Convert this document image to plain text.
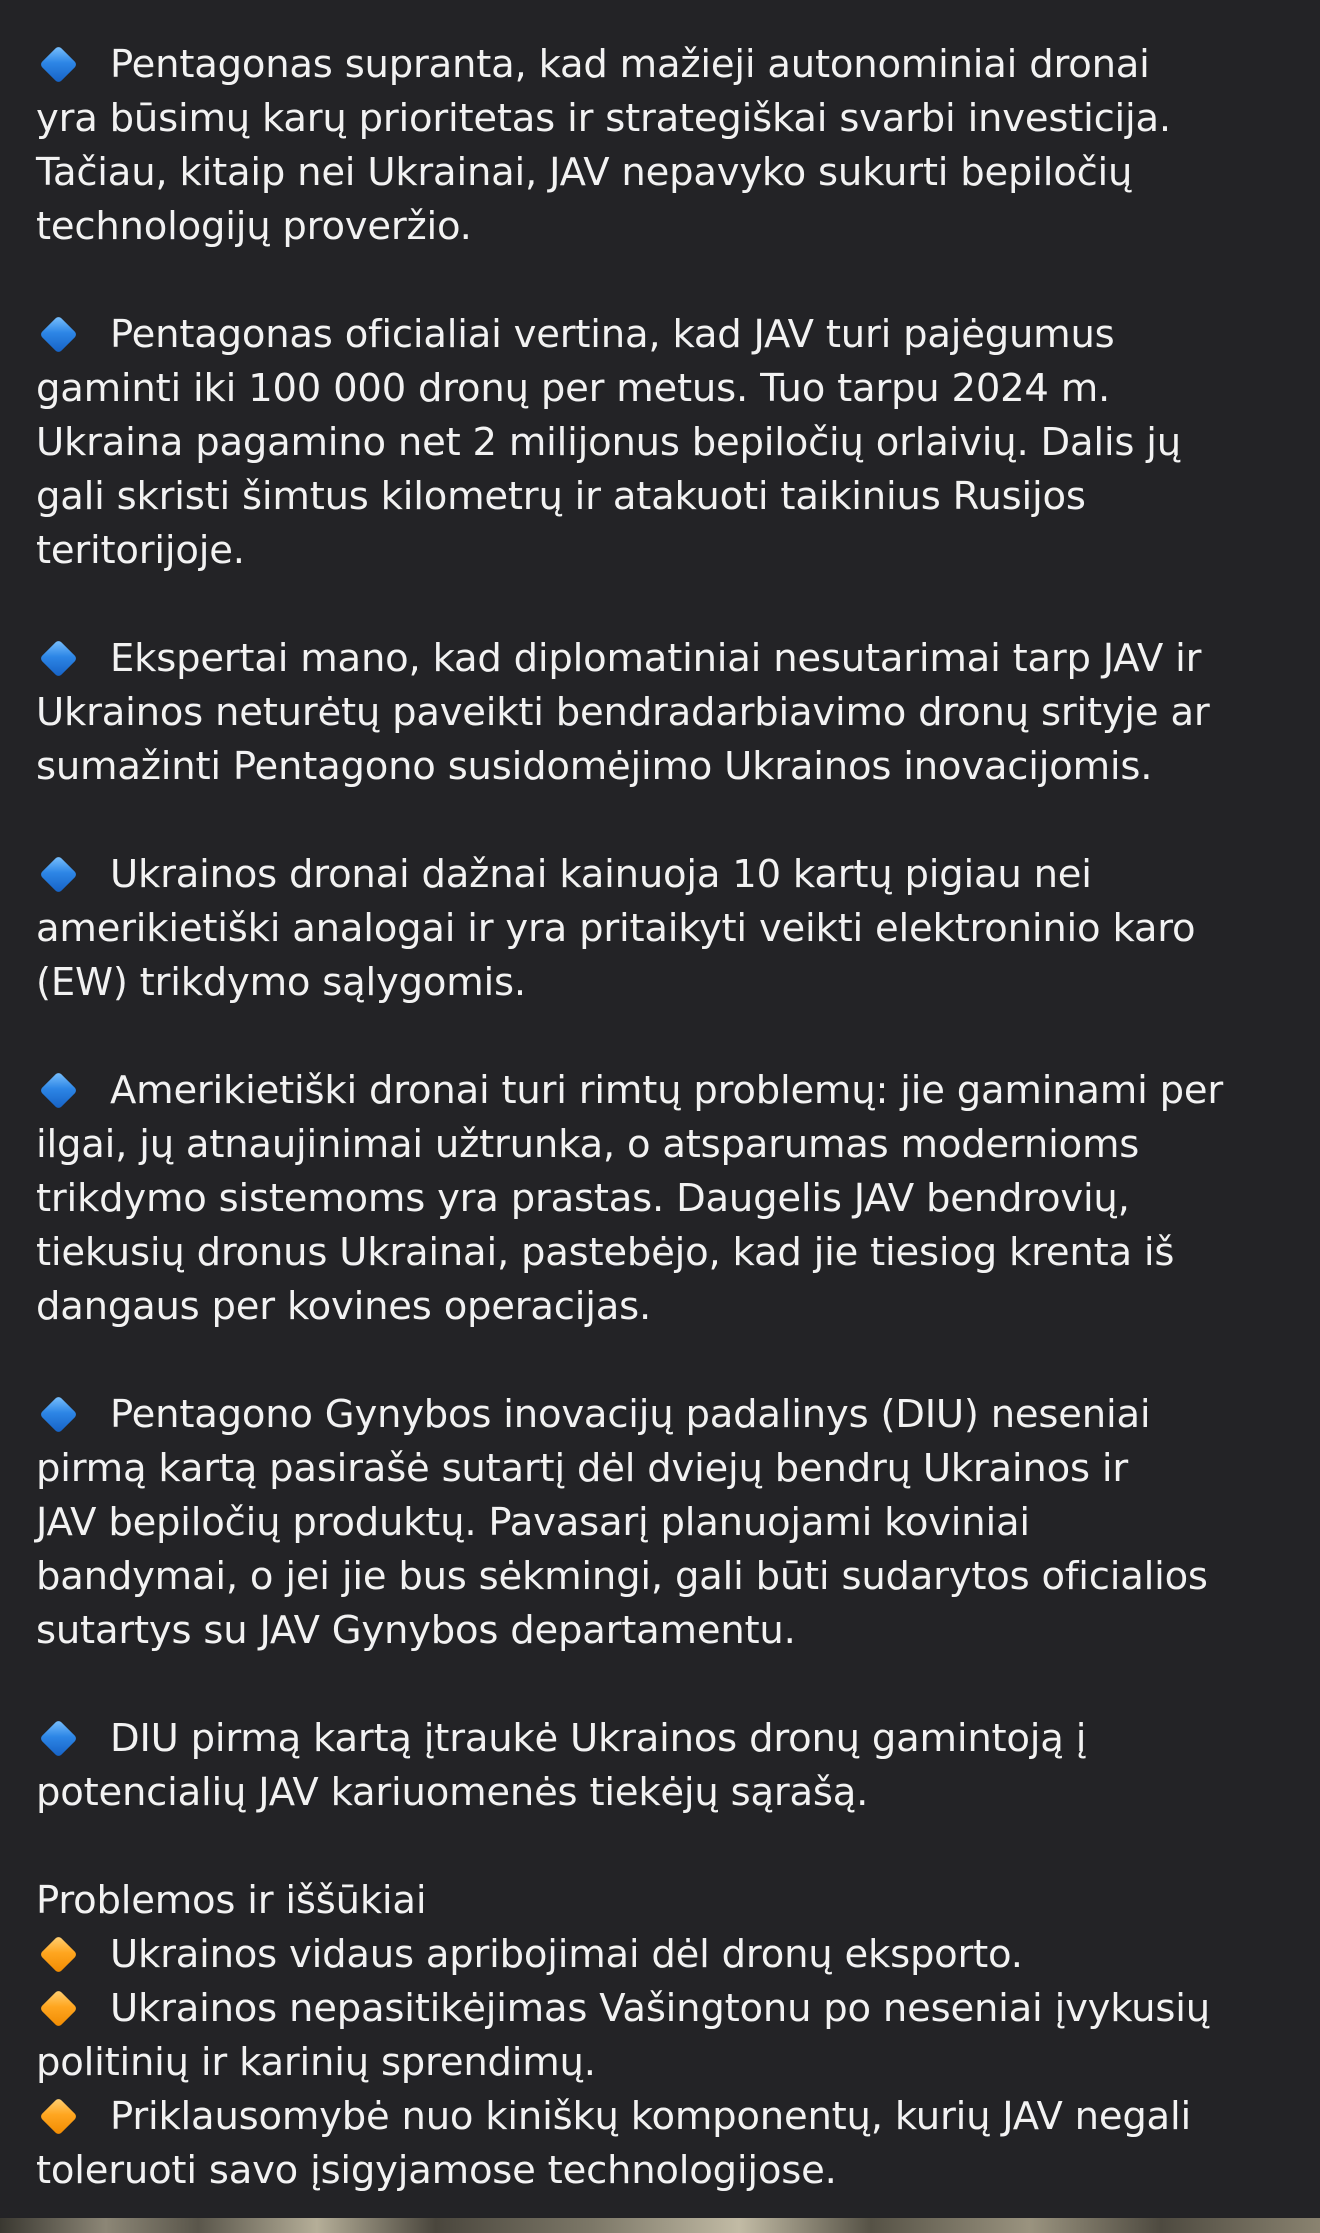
Pentagonas supranta, kad mažieji autonominiai dronai
yra būsimų karų prioritetas ir strategiškai svarbi investicija.
Tačiau, kitaip nei Ukrainai, JAV nepavyko sukurti bepiločių
technologijų proveržio.

Pentagonas oficialiai vertina, kad JAV turi pajėgumus
gaminti iki 100 000 dronų per metus. Tuo tarpu 2024 m.
Ukraina pagamino net 2 milijonus bepiločių orlaivių. Dalis jų
gali skristi šimtus kilometrų ir atakuoti taikinius Rusijos
teritorijoje.

Ekspertai mano, kad diplomatiniai nesutarimai tarp JAV ir
Ukrainos neturėtų paveikti bendradarbiavimo dronų srityje ar
sumažinti Pentagono susidomėjimo Ukrainos inovacijomis.

Ukrainos dronai dažnai kainuoja 10 kartų pigiau nei
amerikietiški analogai ir yra pritaikyti veikti elektroninio karo
(EW) trikdymo sąlygomis.

Amerikietiški dronai turi rimtų problemų: jie gaminami per
ilgai, jų atnaujinimai užtrunka, o atsparumas modernioms
trikdymo sistemoms yra prastas. Daugelis JAV bendrovių,
tiekusių dronus Ukrainai, pastebėjo, kad jie tiesiog krenta iš
dangaus per kovines operacijas.

Pentagono Gynybos inovacijų padalinys (DIU) neseniai
pirmą kartą pasirašė sutartį dėl dviejų bendrų Ukrainos ir
JAV bepiločių produktų. Pavasarį planuojami koviniai
bandymai, o jei jie bus sėkmingi, gali būti sudarytos oficialios
sutartys su JAV Gynybos departamentu.

DIU pirmą kartą įtraukė Ukrainos dronų gamintoją į
potencialių JAV kariuomenės tiekėjų sąrašą.

Problemos ir iššūkiai

Ukrainos vidaus apribojimai dėl dronų eksporto.

Ukrainos nepasitikėjimas Vašingtonu po neseniai įvykusių
politinių ir karinių sprendimų.

Priklausomybė nuo kiniškų komponentų, kurių JAV negali
toleruoti savo įsigyjamose technologijose.
